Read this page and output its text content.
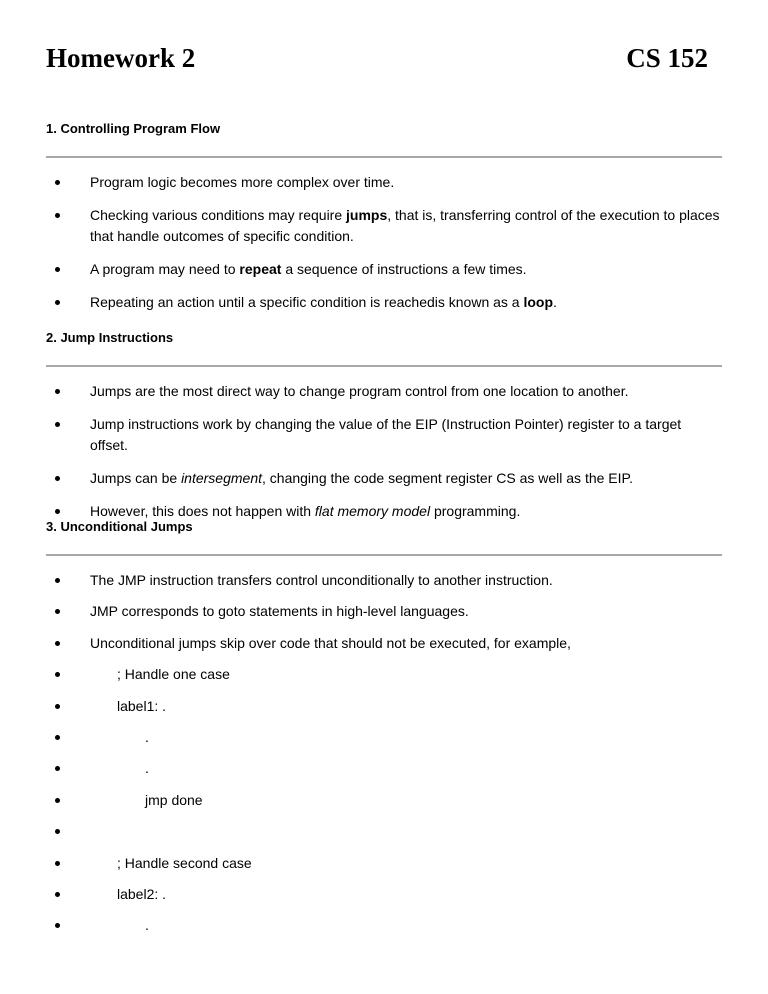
Homework 2	CS 152
1. Controlling Program Flow
Program logic becomes more complex over time.
Checking various conditions may require jumps, that is, transferring control of the execution to places that handle outcomes of specific condition.
A program may need to repeat a sequence of instructions a few times.
Repeating an action until a specific condition is reachedis known as a loop.
2. Jump Instructions
Jumps are the most direct way to change program control from one location to another.
Jump instructions work by changing the value of the EIP (Instruction Pointer) register to a target offset.
Jumps can be intersegment, changing the code segment register CS as well as the EIP.
However, this does not happen with flat memory model programming.
3. Unconditional Jumps
The JMP instruction transfers control unconditionally to another instruction.
JMP corresponds to goto statements in high-level languages.
Unconditional jumps skip over code that should not be executed, for example,
; Handle one case
label1: .
.
.
jmp done
; Handle second case
label2: .
.
